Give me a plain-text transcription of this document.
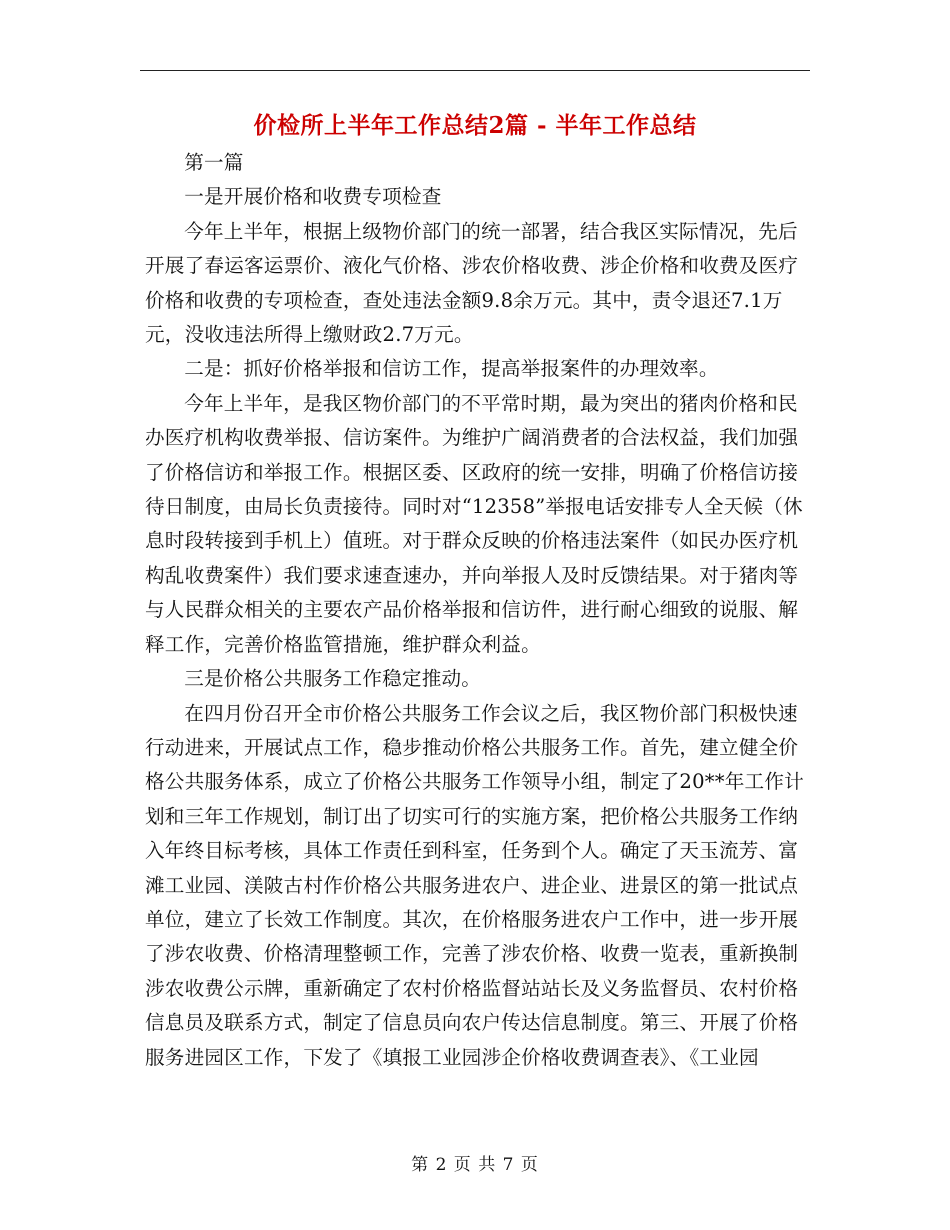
价检所上半年工作总结2篇 - 半年工作总结

第一篇

一是开展价格和收费专项检查

今年上半年，根据上级物价部门的统一部署，结合我区实际情况，先后开展了春运客运票价、液化气价格、涉农价格收费、涉企价格和收费及医疗价格和收费的专项检查，查处违法金额9.8余万元。其中，责令退还7.1万元，没收违法所得上缴财政2.7万元。

二是：抓好价格举报和信访工作，提高举报案件的办理效率。

今年上半年，是我区物价部门的不平常时期，最为突出的猪肉价格和民办医疗机构收费举报、信访案件。为维护广阔消费者的合法权益，我们加强了价格信访和举报工作。根据区委、区政府的统一安排，明确了价格信访接待日制度，由局长负责接待。同时对“12358”举报电话安排专人全天候（休息时段转接到手机上）值班。对于群众反映的价格违法案件（如民办医疗机构乱收费案件）我们要求速查速办，并向举报人及时反馈结果。对于猪肉等与人民群众相关的主要农产品价格举报和信访件，进行耐心细致的说服、解释工作，完善价格监管措施，维护群众利益。

三是价格公共服务工作稳定推动。

在四月份召开全市价格公共服务工作会议之后，我区物价部门积极快速行动进来，开展试点工作，稳步推动价格公共服务工作。首先，建立健全价格公共服务体系，成立了价格公共服务工作领导小组，制定了20**年工作计划和三年工作规划，制订出了切实可行的实施方案，把价格公共服务工作纳入年终目标考核，具体工作责任到科室，任务到个人。确定了天玉流芳、富滩工业园、渼陂古村作价格公共服务进农户、进企业、进景区的第一批试点单位，建立了长效工作制度。其次，在价格服务进农户工作中，进一步开展了涉农收费、价格清理整顿工作，完善了涉农价格、收费一览表，重新换制涉农收费公示牌，重新确定了农村价格监督站站长及义务监督员、农村价格信息员及联系方式，制定了信息员向农户传达信息制度。第三、开展了价格服务进园区工作，下发了《填报工业园涉企价格收费调查表》、《工业园

第 2 页 共 7 页
